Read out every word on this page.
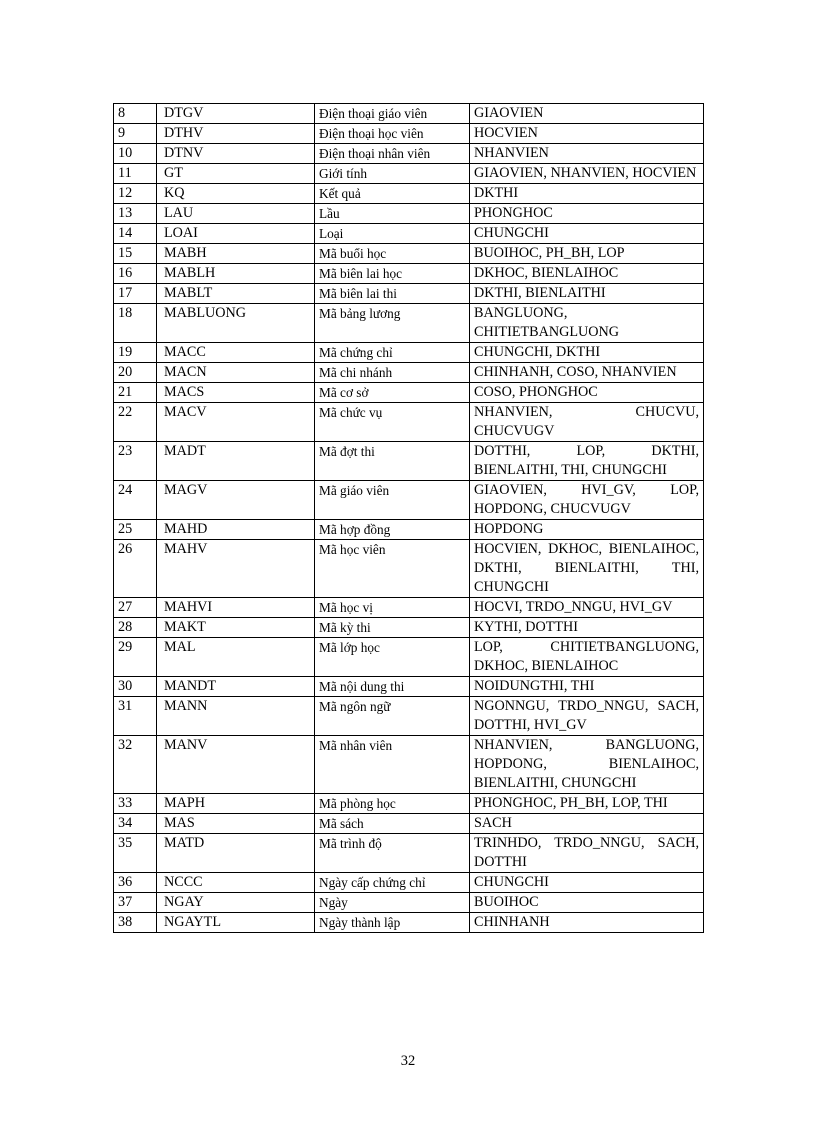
8	DTGV	Điện thoại giáo viên	GIAOVIEN
9	DTHV	Điện thoại học viên	HOCVIEN
10	DTNV	Điện thoại nhân viên	NHANVIEN
11	GT	Giới tính	GIAOVIEN, NHANVIEN, HOCVIEN
12	KQ	Kết quả	DKTHI
13	LAU	Lầu	PHONGHOC
14	LOAI	Loại	CHUNGCHI
15	MABH	Mã buổi học	BUOIHOC, PH_BH, LOP
16	MABLH	Mã biên lai học	DKHOC, BIENLAIHOC
17	MABLT	Mã biên lai thi	DKTHI, BIENLAITHI
18	MABLUONG	Mã bảng lương	BANGLUONG, CHITIETBANGLUONG
19	MACC	Mã chứng chỉ	CHUNGCHI, DKTHI
20	MACN	Mã chi nhánh	CHINHANH, COSO, NHANVIEN
21	MACS	Mã cơ sở	COSO, PHONGHOC
22	MACV	Mã chức vụ	NHANVIEN, CHUCVU, CHUCVUGV
23	MADT	Mã đợt thi	DOTTHI, LOP, DKTHI, BIENLAITHI, THI, CHUNGCHI
24	MAGV	Mã giáo viên	GIAOVIEN, HVI_GV, LOP, HOPDONG, CHUCVUGV
25	MAHD	Mã hợp đồng	HOPDONG
26	MAHV	Mã học viên	HOCVIEN, DKHOC, BIENLAIHOC, DKTHI, BIENLAITHI, THI, CHUNGCHI
27	MAHVI	Mã học vị	HOCVI, TRDO_NNGU, HVI_GV
28	MAKT	Mã kỳ thi	KYTHI, DOTTHI
29	MAL	Mã lớp học	LOP, CHITIETBANGLUONG, DKHOC, BIENLAIHOC
30	MANDT	Mã nội dung thi	NOIDUNGTHI, THI
31	MANN	Mã ngôn ngữ	NGONNGU, TRDO_NNGU, SACH, DOTTHI, HVI_GV
32	MANV	Mã nhân viên	NHANVIEN, BANGLUONG, HOPDONG, BIENLAIHOC, BIENLAITHI, CHUNGCHI
33	MAPH	Mã phòng học	PHONGHOC, PH_BH, LOP, THI
34	MAS	Mã sách	SACH
35	MATD	Mã trình độ	TRINHDO, TRDO_NNGU, SACH, DOTTHI
36	NCCC	Ngày cấp chứng chỉ	CHUNGCHI
37	NGAY	Ngày	BUOIHOC
38	NGAYTL	Ngày thành lập	CHINHANH
32
